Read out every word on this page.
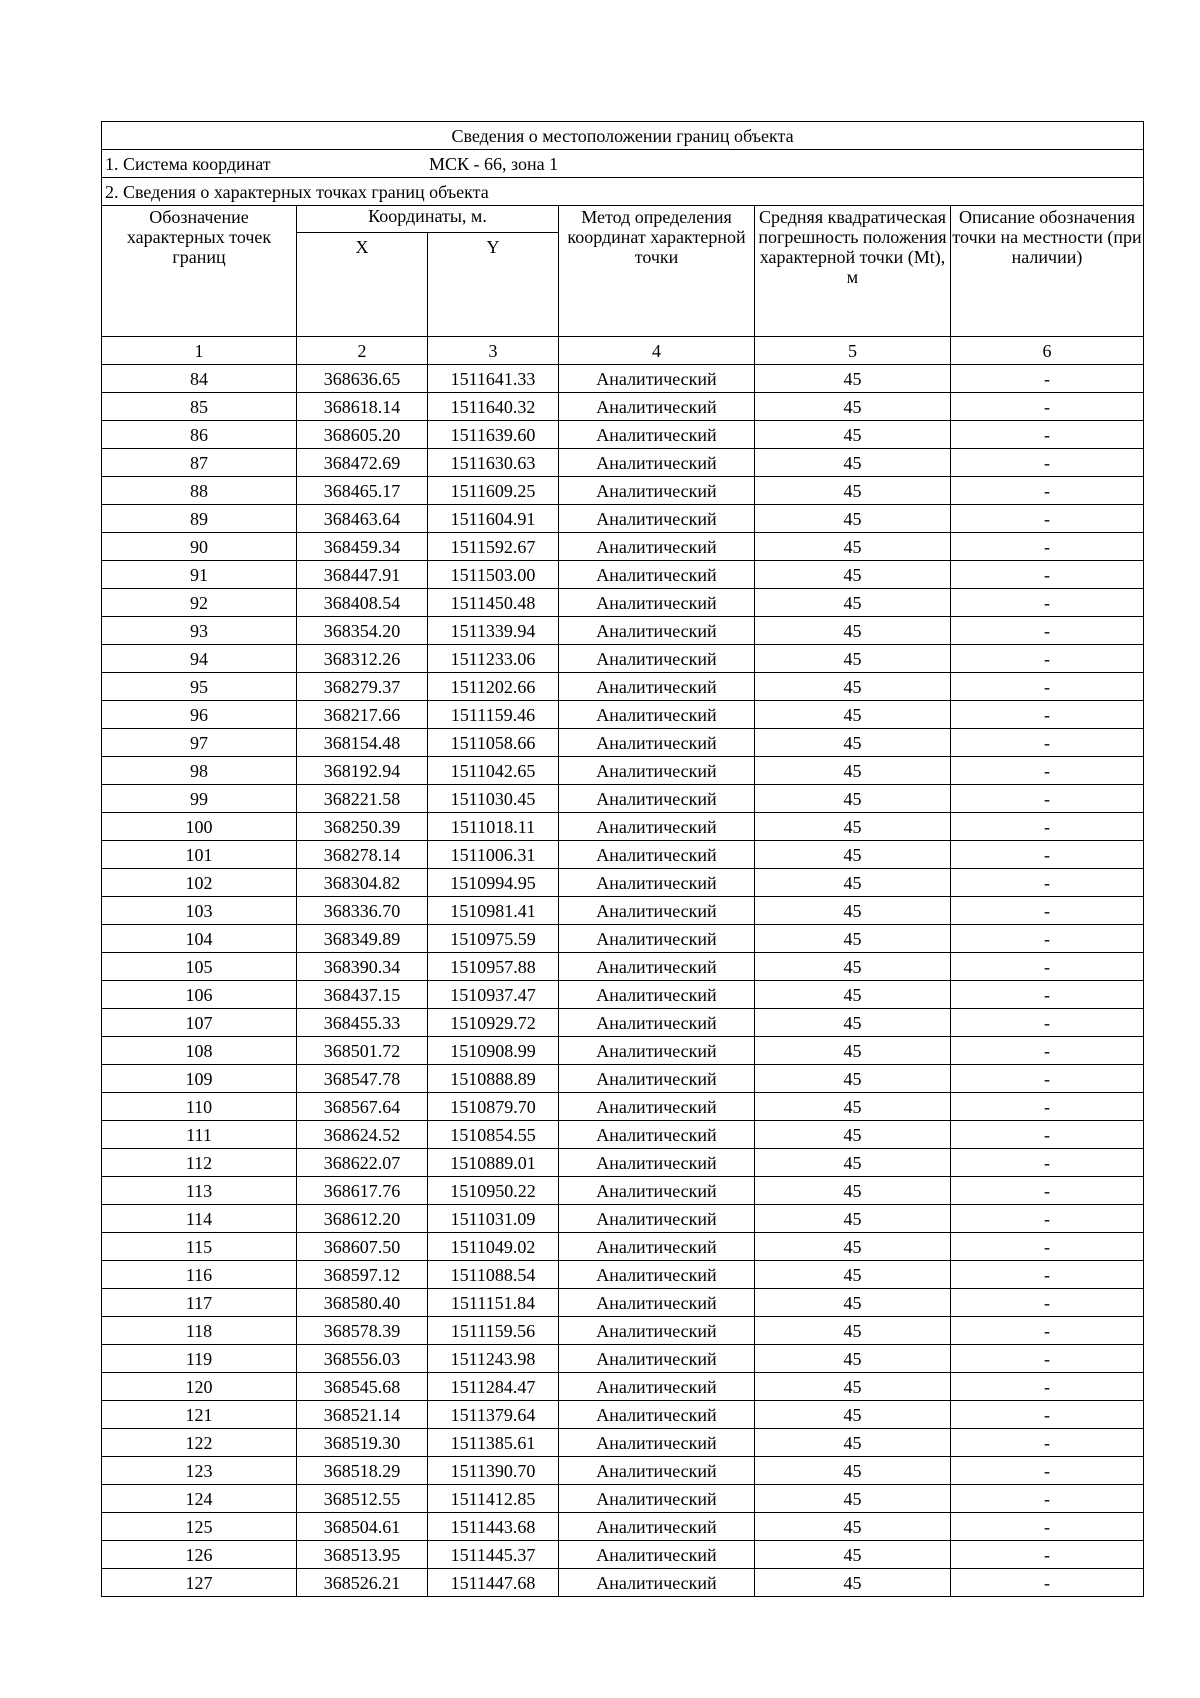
Сведения о местоположении границ объекта					
1. Система координат МСК - 66, зона 1					
2. Сведения о характерных точках границ объекта					
Обозначение характерных точек границ	Координаты, м.		Метод определения координат характерной точки	Средняя квадратическая погрешность положения характерной точки (Mt), м	Описание обозначения точки на местности (при наличии)
	X	Y			
1	2	3	4	5	6
84	368636.65	1511641.33	Аналитический	45	-
85	368618.14	1511640.32	Аналитический	45	-
86	368605.20	1511639.60	Аналитический	45	-
87	368472.69	1511630.63	Аналитический	45	-
88	368465.17	1511609.25	Аналитический	45	-
89	368463.64	1511604.91	Аналитический	45	-
90	368459.34	1511592.67	Аналитический	45	-
91	368447.91	1511503.00	Аналитический	45	-
92	368408.54	1511450.48	Аналитический	45	-
93	368354.20	1511339.94	Аналитический	45	-
94	368312.26	1511233.06	Аналитический	45	-
95	368279.37	1511202.66	Аналитический	45	-
96	368217.66	1511159.46	Аналитический	45	-
97	368154.48	1511058.66	Аналитический	45	-
98	368192.94	1511042.65	Аналитический	45	-
99	368221.58	1511030.45	Аналитический	45	-
100	368250.39	1511018.11	Аналитический	45	-
101	368278.14	1511006.31	Аналитический	45	-
102	368304.82	1510994.95	Аналитический	45	-
103	368336.70	1510981.41	Аналитический	45	-
104	368349.89	1510975.59	Аналитический	45	-
105	368390.34	1510957.88	Аналитический	45	-
106	368437.15	1510937.47	Аналитический	45	-
107	368455.33	1510929.72	Аналитический	45	-
108	368501.72	1510908.99	Аналитический	45	-
109	368547.78	1510888.89	Аналитический	45	-
110	368567.64	1510879.70	Аналитический	45	-
111	368624.52	1510854.55	Аналитический	45	-
112	368622.07	1510889.01	Аналитический	45	-
113	368617.76	1510950.22	Аналитический	45	-
114	368612.20	1511031.09	Аналитический	45	-
115	368607.50	1511049.02	Аналитический	45	-
116	368597.12	1511088.54	Аналитический	45	-
117	368580.40	1511151.84	Аналитический	45	-
118	368578.39	1511159.56	Аналитический	45	-
119	368556.03	1511243.98	Аналитический	45	-
120	368545.68	1511284.47	Аналитический	45	-
121	368521.14	1511379.64	Аналитический	45	-
122	368519.30	1511385.61	Аналитический	45	-
123	368518.29	1511390.70	Аналитический	45	-
124	368512.55	1511412.85	Аналитический	45	-
125	368504.61	1511443.68	Аналитический	45	-
126	368513.95	1511445.37	Аналитический	45	-
127	368526.21	1511447.68	Аналитический	45	-
